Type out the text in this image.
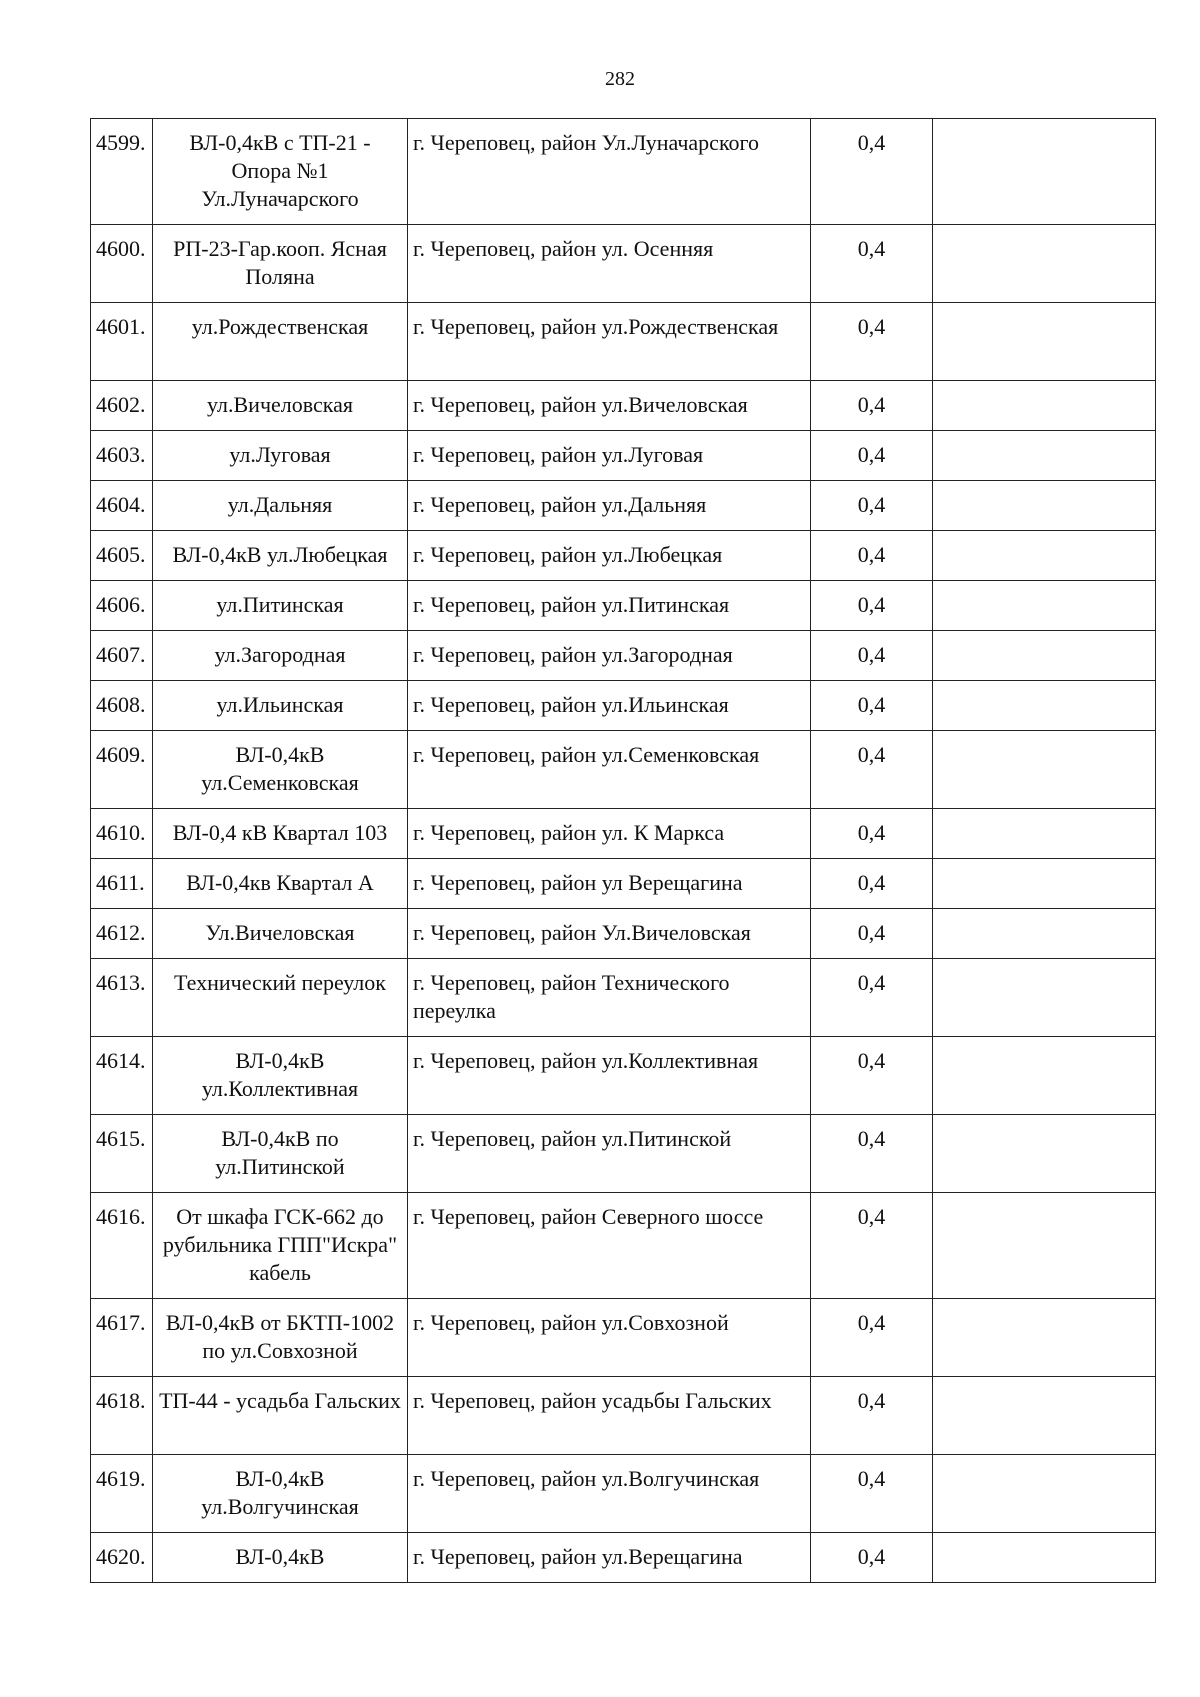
282
4599.	ВЛ-0,4кВ с ТП-21 - Опора №1 Ул.Луначарского	г. Череповец, район Ул.Луначарского	0,4	
4600.	РП-23-Гар.кооп. Ясная Поляна	г. Череповец, район ул. Осенняя	0,4	
4601.	ул.Рождественская	г. Череповец, район ул.Рождественская	0,4	
4602.	ул.Вичеловская	г. Череповец, район ул.Вичеловская	0,4	
4603.	ул.Луговая	г. Череповец, район ул.Луговая	0,4	
4604.	ул.Дальняя	г. Череповец, район ул.Дальняя	0,4	
4605.	ВЛ-0,4кВ ул.Любецкая	г. Череповец, район ул.Любецкая	0,4	
4606.	ул.Питинская	г. Череповец, район ул.Питинская	0,4	
4607.	ул.Загородная	г. Череповец, район ул.Загородная	0,4	
4608.	ул.Ильинская	г. Череповец, район ул.Ильинская	0,4	
4609.	ВЛ-0,4кВ ул.Семенковская	г. Череповец, район ул.Семенковская	0,4	
4610.	ВЛ-0,4 кВ Квартал 103	г. Череповец, район ул. К Маркса	0,4	
4611.	ВЛ-0,4кв Квартал А	г. Череповец, район ул Верещагина	0,4	
4612.	Ул.Вичеловская	г. Череповец, район Ул.Вичеловская	0,4	
4613.	Технический переулок	г. Череповец, район Технического переулка	0,4	
4614.	ВЛ-0,4кВ ул.Коллективная	г. Череповец, район ул.Коллективная	0,4	
4615.	ВЛ-0,4кВ по ул.Питинской	г. Череповец, район ул.Питинской	0,4	
4616.	От шкафа ГСК-662 до рубильника ГПП"Искра" кабель	г. Череповец, район Северного шоссе	0,4	
4617.	ВЛ-0,4кВ от БКТП-1002 по ул.Совхозной	г. Череповец, район ул.Совхозной	0,4	
4618.	ТП-44 - усадьба Гальских	г. Череповец, район усадьбы Гальских	0,4	
4619.	ВЛ-0,4кВ ул.Волгучинская	г. Череповец, район ул.Волгучинская	0,4	
4620.	ВЛ-0,4кВ	г. Череповец, район ул.Верещагина	0,4	
